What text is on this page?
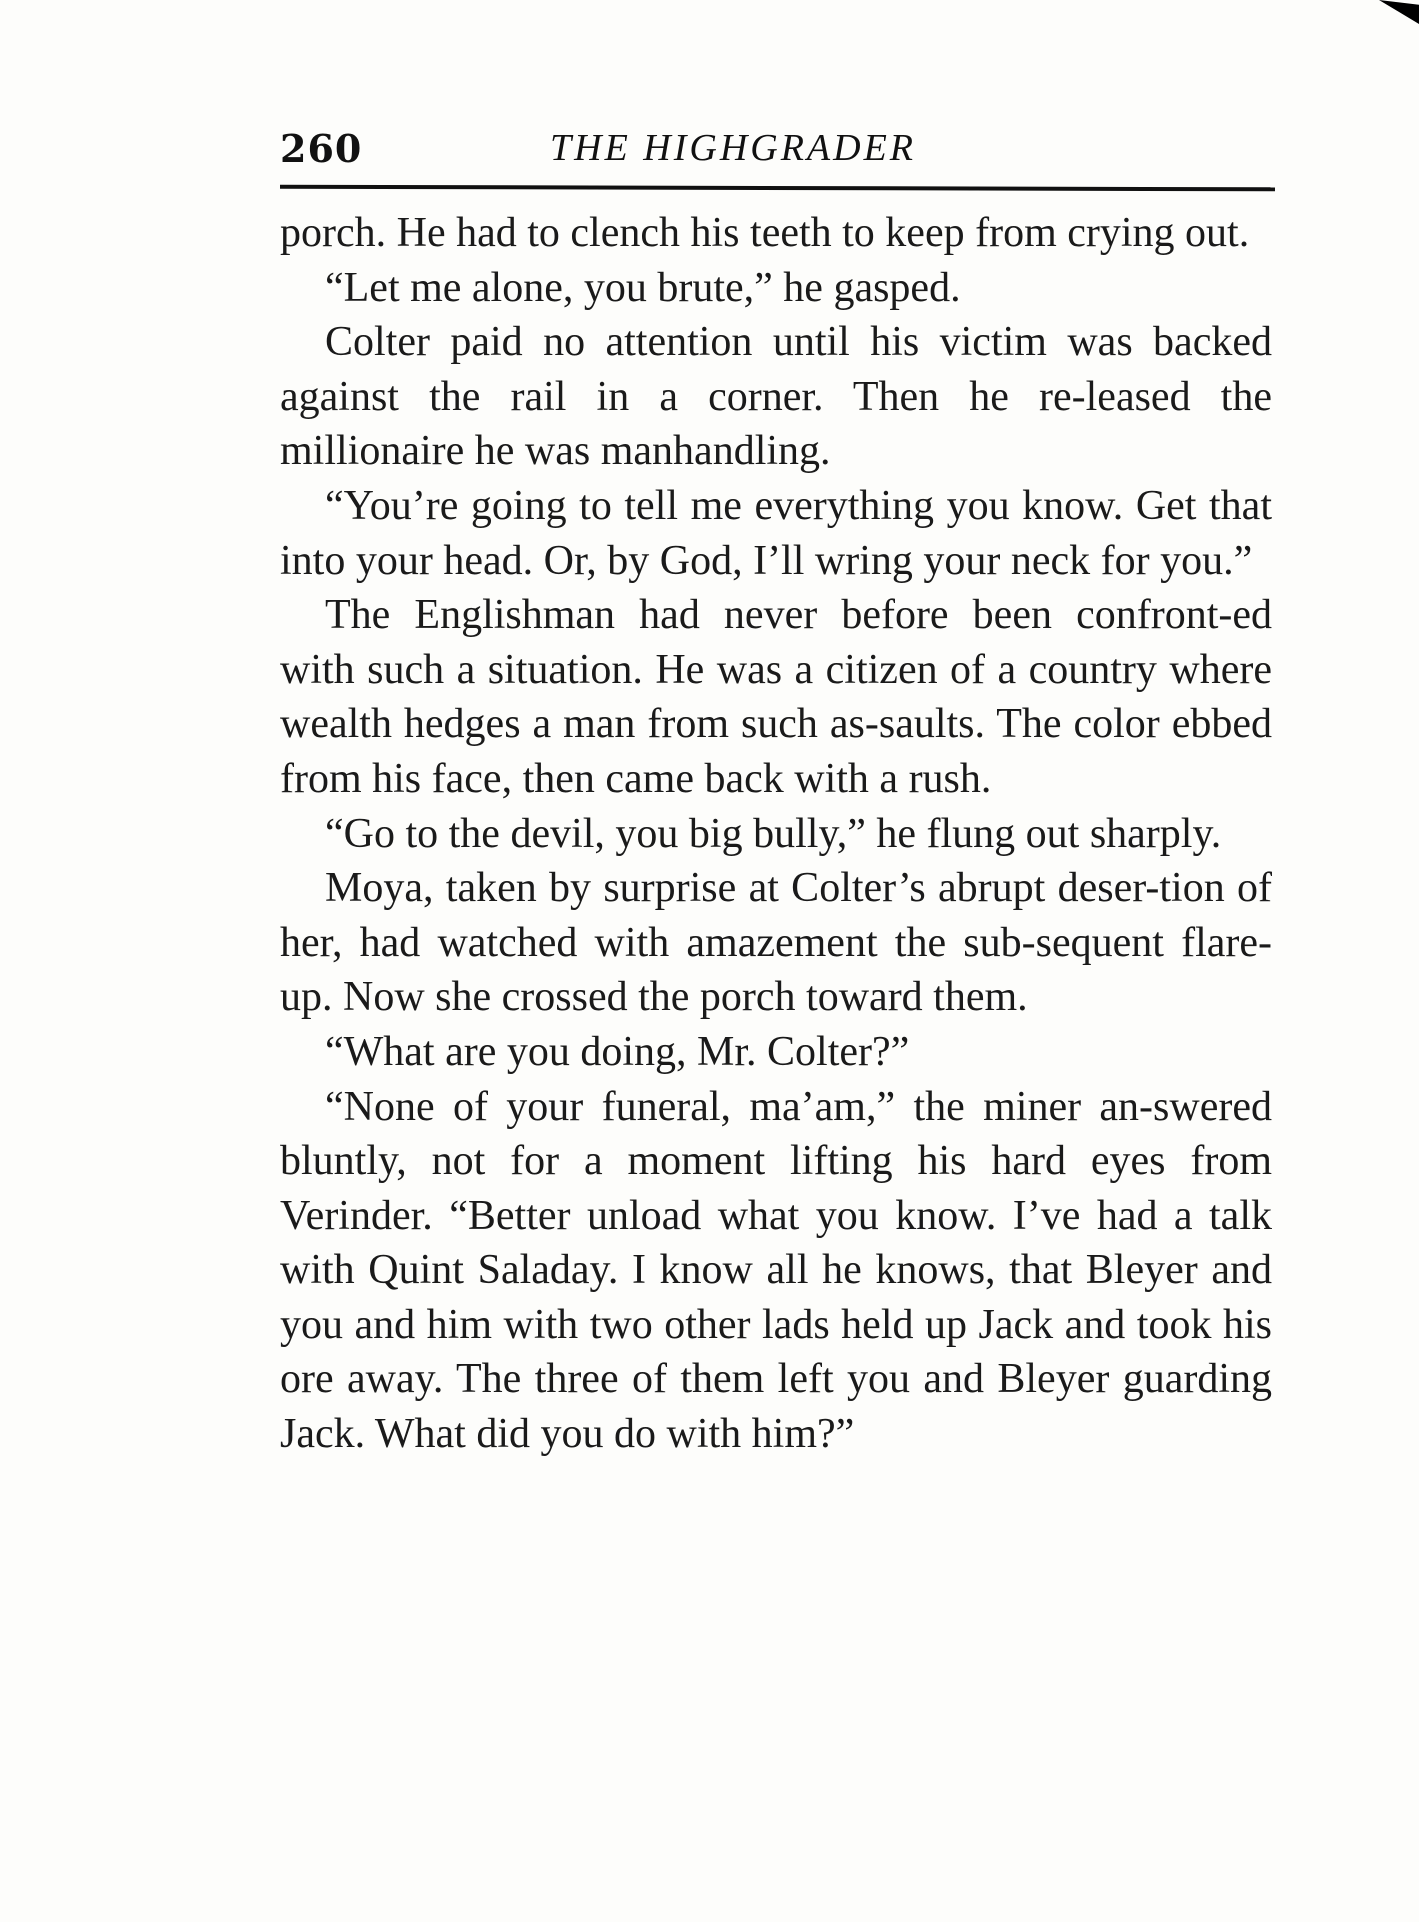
260	THE HIGHGRADER

porch. He had to clench his teeth to keep from crying out.

“Let me alone, you brute,” he gasped.

Colter paid no attention until his victim was backed against the rail in a corner. Then he re-leased the millionaire he was manhandling.

“You’re going to tell me everything you know. Get that into your head. Or, by God, I’ll wring your neck for you.”

The Englishman had never before been confront-ed with such a situation. He was a citizen of a country where wealth hedges a man from such as-saults. The color ebbed from his face, then came back with a rush.

“Go to the devil, you big bully,” he flung out sharply.

Moya, taken by surprise at Colter’s abrupt deser-tion of her, had watched with amazement the sub-sequent flare-up. Now she crossed the porch toward them.

“What are you doing, Mr. Colter?”

“None of your funeral, ma’am,” the miner an-swered bluntly, not for a moment lifting his hard eyes from Verinder. “Better unload what you know. I’ve had a talk with Quint Saladay. I know all he knows, that Bleyer and you and him with two other lads held up Jack and took his ore away. The three of them left you and Bleyer guarding Jack. What did you do with him?”
